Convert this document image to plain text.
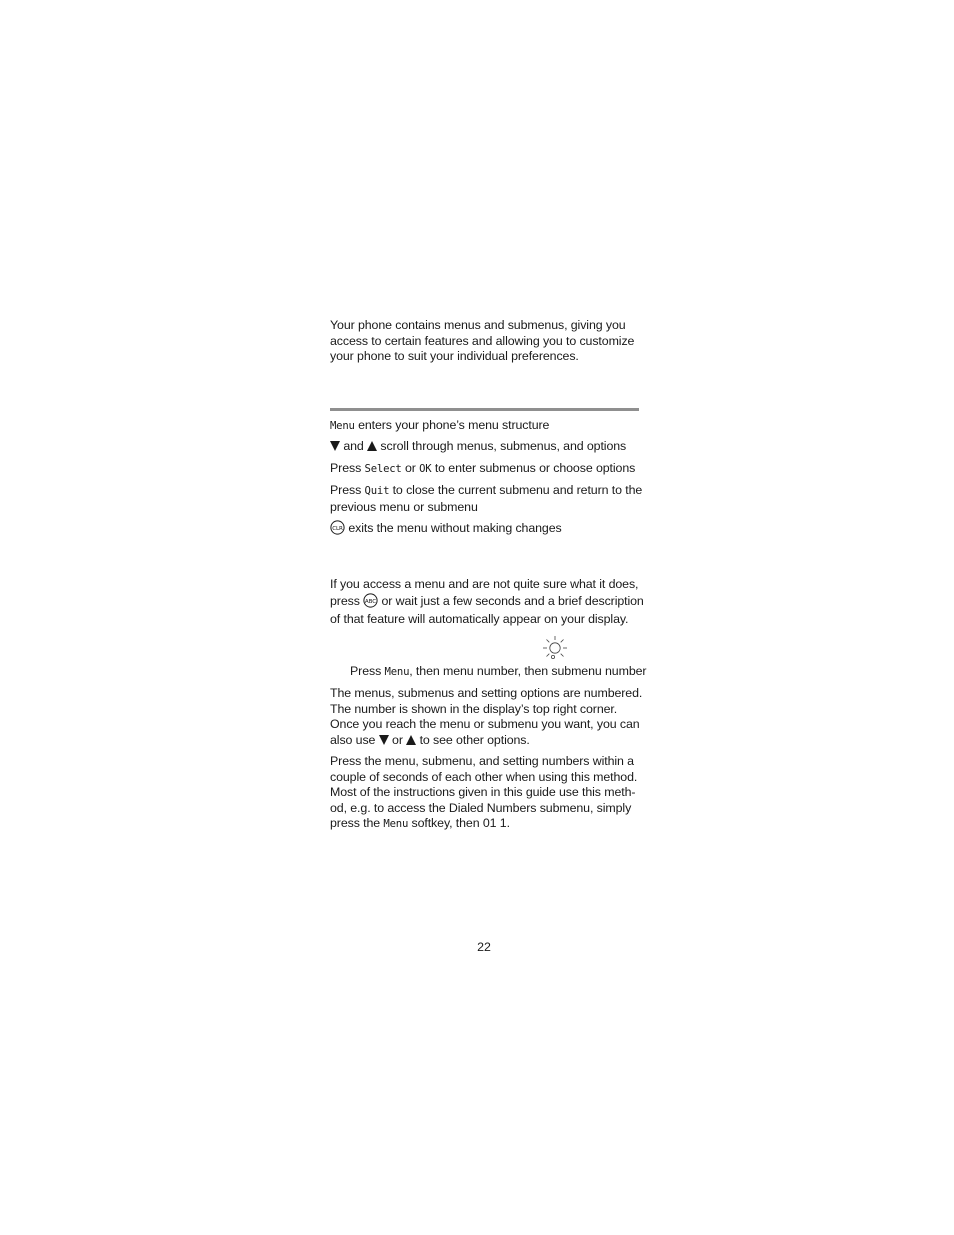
Your phone contains menus and submenus, giving you
access to certain features and allowing you to customize
your phone to suit your individual preferences.
Menu enters your phone’s menu structure
and scroll through menus, submenus, and options
Press Select or OK to enter submenus or choose options
Press Quit to close the current submenu and return to the
previous menu or submenu
CLR exits the menu without making changes
If you access a menu and are not quite sure what it does,
press ABC or wait just a few seconds and a brief description
of that feature will automatically appear on your display.
Press Menu, then menu number, then submenu number
The menus, submenus and setting options are numbered.
The number is shown in the display’s top right corner.
Once you reach the menu or submenu you want, you can
also use or to see other options.
Press the menu, submenu, and setting numbers within a
couple of seconds of each other when using this method.
Most of the instructions given in this guide use this meth-
od, e.g. to access the Dialed Numbers submenu, simply
press the Menu softkey, then 01 1.
22
